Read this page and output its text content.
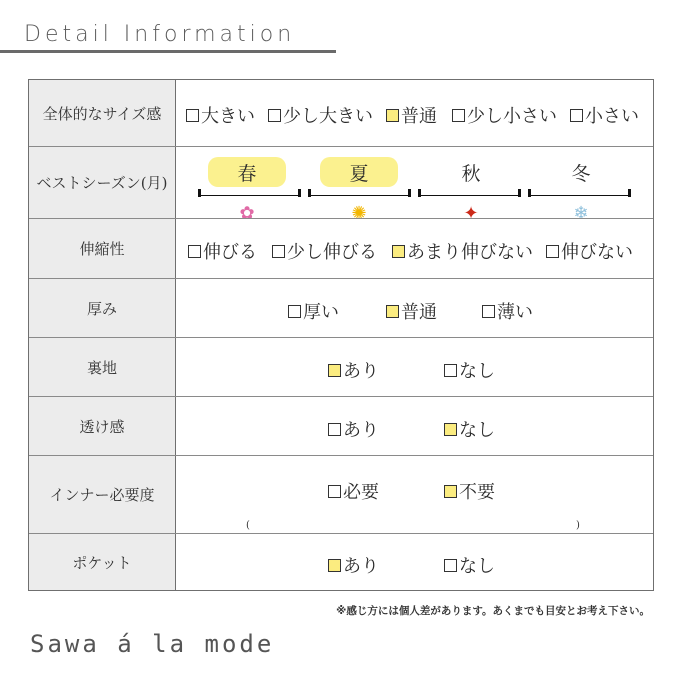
Detail Information
全体的なサイズ感	大きい 少し大きい 普通 少し小さい 小さい
ベストシーズン(月)	春	夏	秋	冬
✿	✺	✦	❄
伸縮性	伸びる 少し伸びる あまり伸びない 伸びない
厚み	厚い	普通	薄い
裏地	あり	なし
透け感	あり	なし
インナー必要度	必要	不要
(	)
ポケット	あり	なし
※感じ方には個人差があります。あくまでも目安とお考え下さい。
Sawa á la mode
